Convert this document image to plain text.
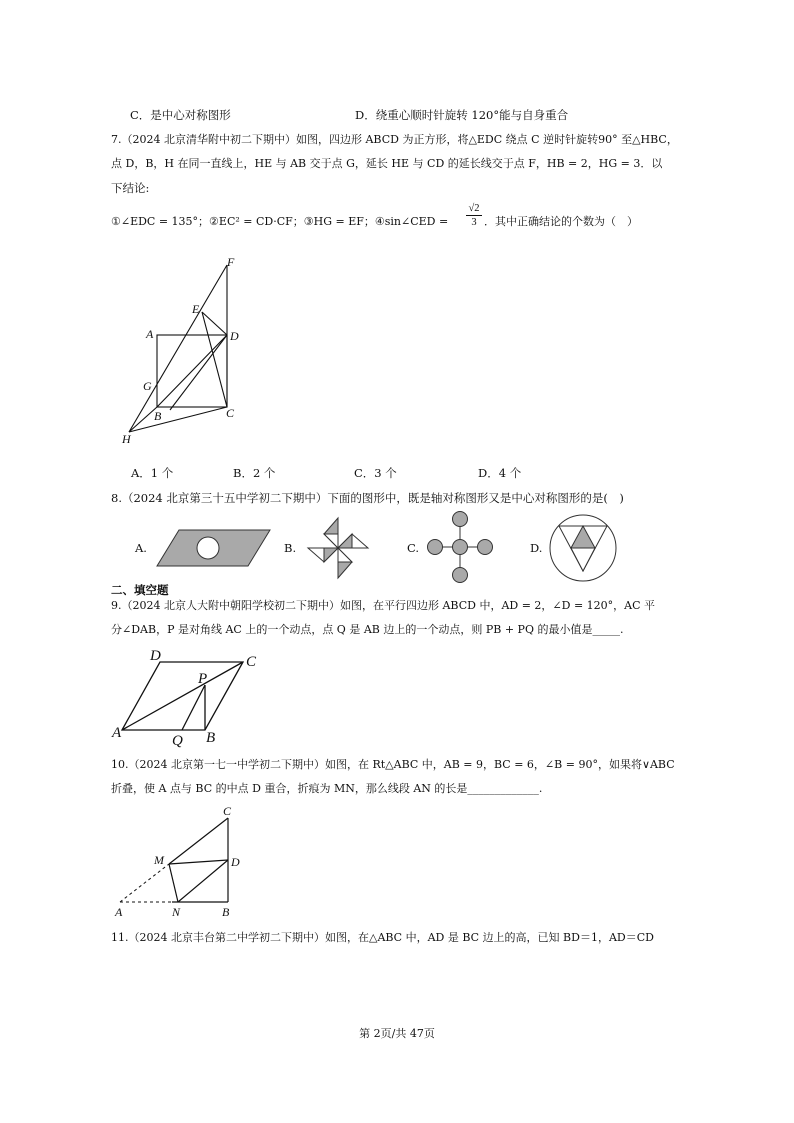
C．是中心对称图形	D．绕重心顺时针旋转 120°能与自身重合
7.（2024 北京清华附中初二下期中）如图，四边形 ABCD 为正方形，将△EDC 绕点 C 逆时针旋转90° 至△HBC，
点 D，B，H 在同一直线上，HE 与 AB 交于点 G，延长 HE 与 CD 的延长线交于点 F，HB = 2，HG = 3．以
下结论:
①∠EDC = 135°；②EC² = CD·CF；③HG = EF；④sin∠CED = $\frac{√2}{3}$ ．其中正确结论的个数为（　）
F
E
A	D
G
B	C
H
A．1 个	B．2 个	C．3 个	D．4 个
8.（2024 北京第三十五中学初二下期中）下面的图形中，既是轴对称图形又是中心对称图形的是(　)
A.	B.	C.	D.
二、填空题
9.（2024 北京人大附中朝阳学校初二下期中）如图，在平行四边形 ABCD 中，AD = 2，∠D = 120°，AC 平
分∠DAB，P 是对角线 AC 上的一个动点，点 Q 是 AB 边上的一个动点，则 PB + PQ 的最小值是_____.
A	B
C
D
P
Q
10.（2024 北京第一七一中学初二下期中）如图，在 Rt△ABC 中，AB = 9，BC = 6，∠B = 90°，如果将∨ABC
折叠，使 A 点与 BC 的中点 D 重合，折痕为 MN，那么线段 AN 的长是_____________.
C
M	D
A	N	B
11.（2024 北京丰台第二中学初二下期中）如图，在△ABC 中，AD 是 BC 边上的高，已知 BD＝1，AD＝CD
第 2页/共 47页
